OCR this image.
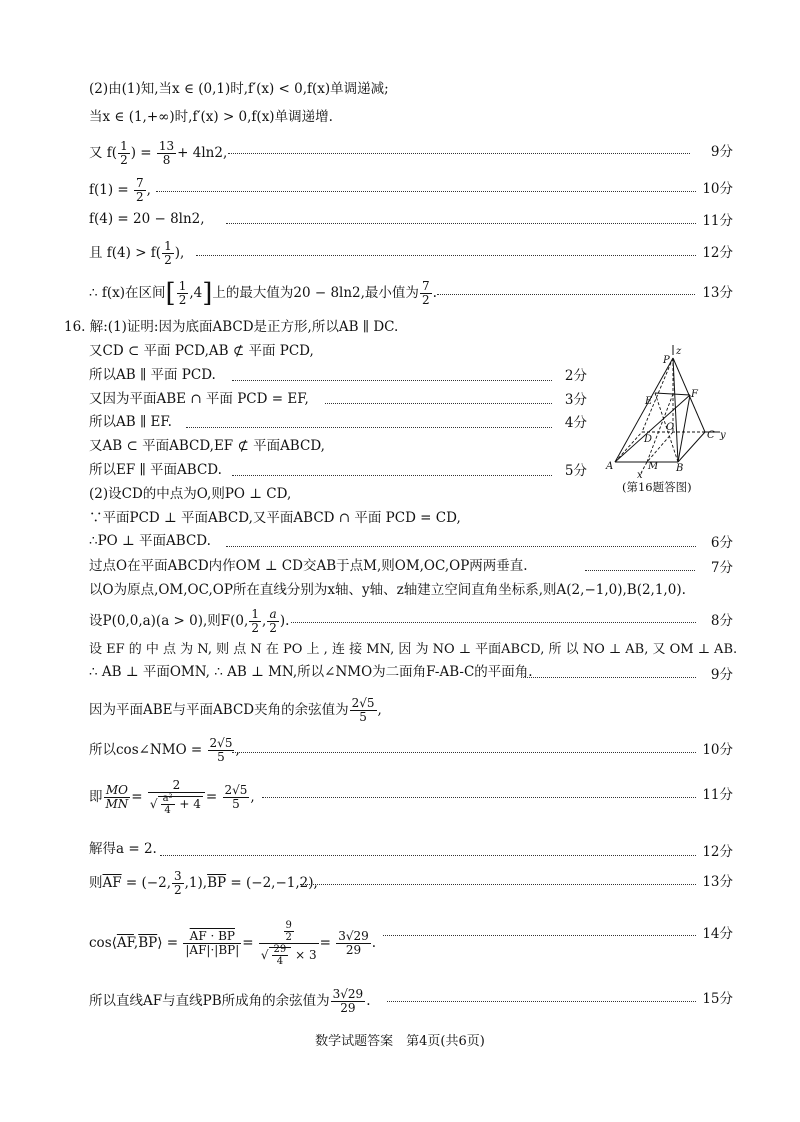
(2)由(1)知,当x ∈ (0,1)时,f′(x) < 0,f(x)单调递减;
当x ∈ (1,+∞)时,f′(x) > 0,f(x)单调递增.
又 $f( \frac{1}{2}$ ) = $\frac{13}{8} + 4\ln 2$,	9分
$f(1) = \frac{7}{2}$ ,	10分
f(4) = 20 − 8ln2,	11分
且 $f(4) > f( \frac{1}{2}$ ),	12分
∴ f(x)在区间[ $\frac{1}{2} ,4$]上的最大值为20 − 8ln2,最小值为 $\frac{7}{2}$ .	13分
16. 解:(1)证明:因为底面ABCD是正方形,所以AB ∥ DC.
又CD ⊂ 平面 PCD,AB ⊄ 平面 PCD,
所以AB ∥ 平面 PCD.	2分
又因为平面ABE ∩ 平面 PCD = EF,	3分
所以AB ∥ EF.	4分
又AB ⊂ 平面ABCD,EF ⊄ 平面ABCD,
所以EF ∥ 平面ABCD.	5分
(2)设CD的中点为O,则PO ⊥ CD,
∵平面PCD ⊥ 平面ABCD,又平面ABCD ∩ 平面 PCD = CD,
∴PO ⊥ 平面ABCD.	6分
过点O在平面ABCD内作OM ⊥ CD交AB于点M,则OM,OC,OP两两垂直.	7分
以O为原点,OM,OC,OP所在直线分别为x轴、y轴、z轴建立空间直角坐标系,则A(2,−1,0),B(2,1,0).
设P(0,0,a)(a > 0),则F(0, $\frac{1}{2}$ , $\frac{a}{2}$ ).	8分
设 EF 的 中 点 为 N, 则 点 N 在 PO 上 , 连 接 MN, 因 为 NO ⊥ 平面ABCD, 所 以 NO ⊥ AB, 又 OM ⊥ AB.
∴ AB ⊥ 平面OMN, ∴ AB ⊥ MN,所以∠NMO为二面角F-AB-C的平面角.	9分
因为平面ABE与平面ABCD夹角的余弦值为 $\frac{2√5}{5}$ ,
所以cos∠NMO = $\frac{2√5}{5}$ ,	10分
即 $\frac{MO}{MN} = \frac{2}{√ \frac{\text{a²}}{4} + 4} = \frac{2√5}{5}$ ,	11分
解得a = 2.	12分
则$\overline{AF} = (-2$, $\frac{3}{2} ,1),\overline{BP} = (-2,-1,2)$,	13分
$\cos⟨\overline{AF},\overline{BP}⟩ = \frac{AF \cdot BP}{|AF|\cdot|BP|} = \frac{\frac{9}{2}}{√ \frac{29}{4} \times 3} = \frac{3√29}{29}$ .
14分
所以直线AF与直线PB所成角的余弦值为 $\frac{3√29}{29}$ .	15分
P
z
E
F
D
O
C y
A	M B
x
(第16题答图)
数学试题答案　第4页(共6页)
